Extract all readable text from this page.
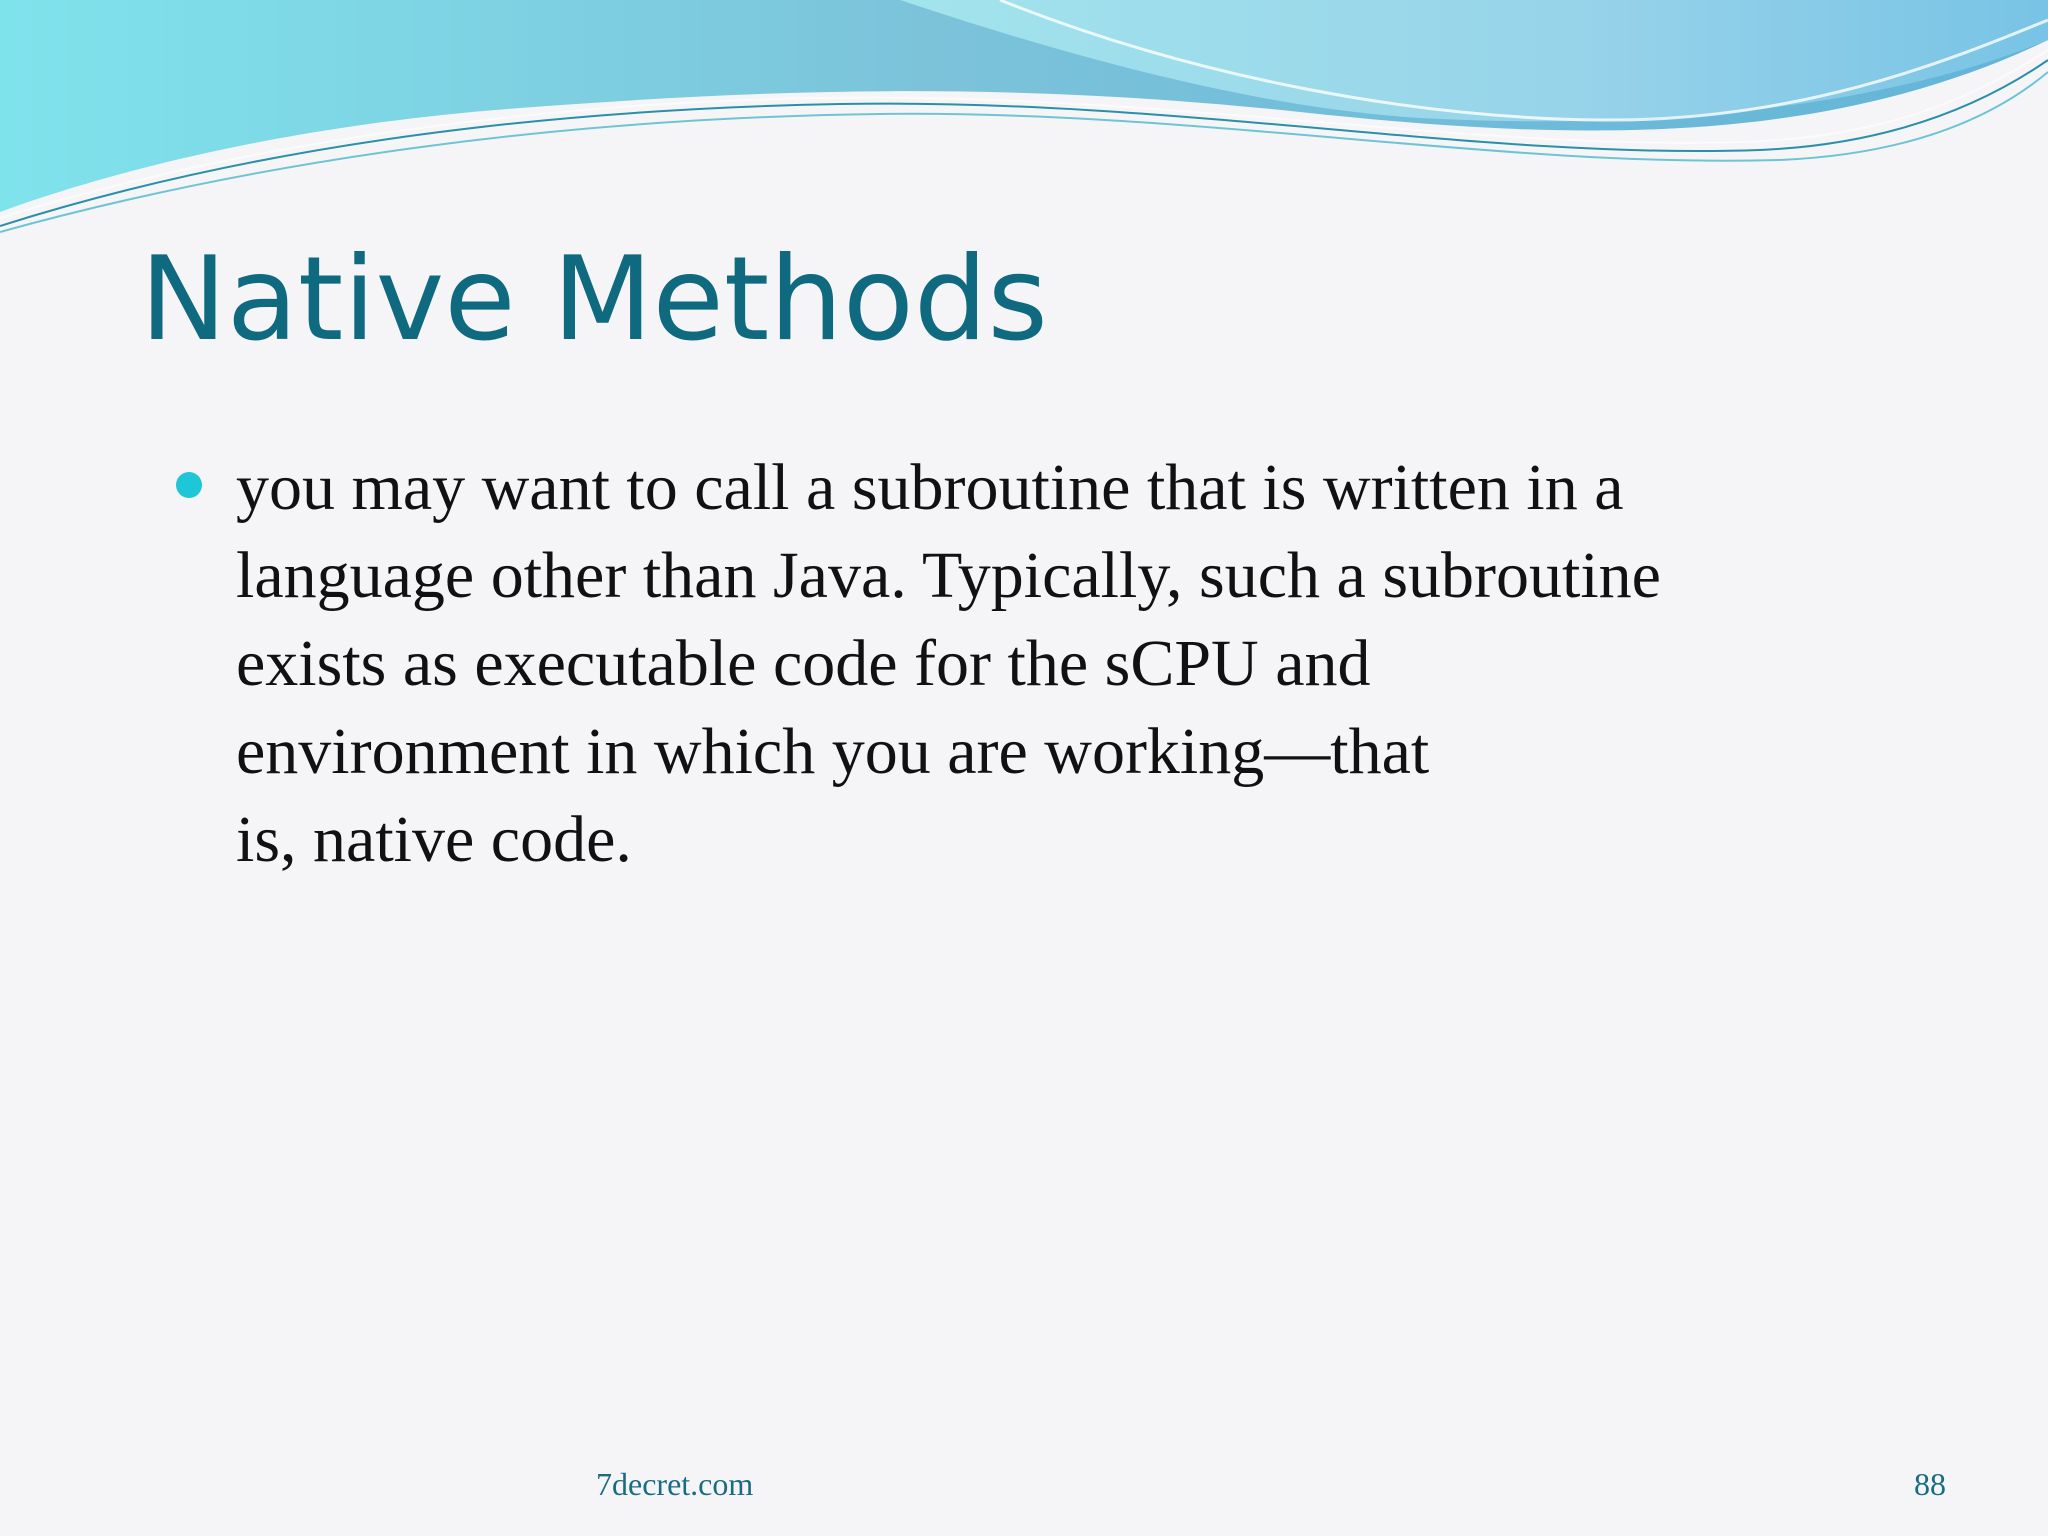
Native Methods
you may want to call a subroutine that is written in a
language other than Java. Typically, such a subroutine
exists as executable code for the sCPU and
environment in which you are working—that
is, native code.
7decret.com	88
